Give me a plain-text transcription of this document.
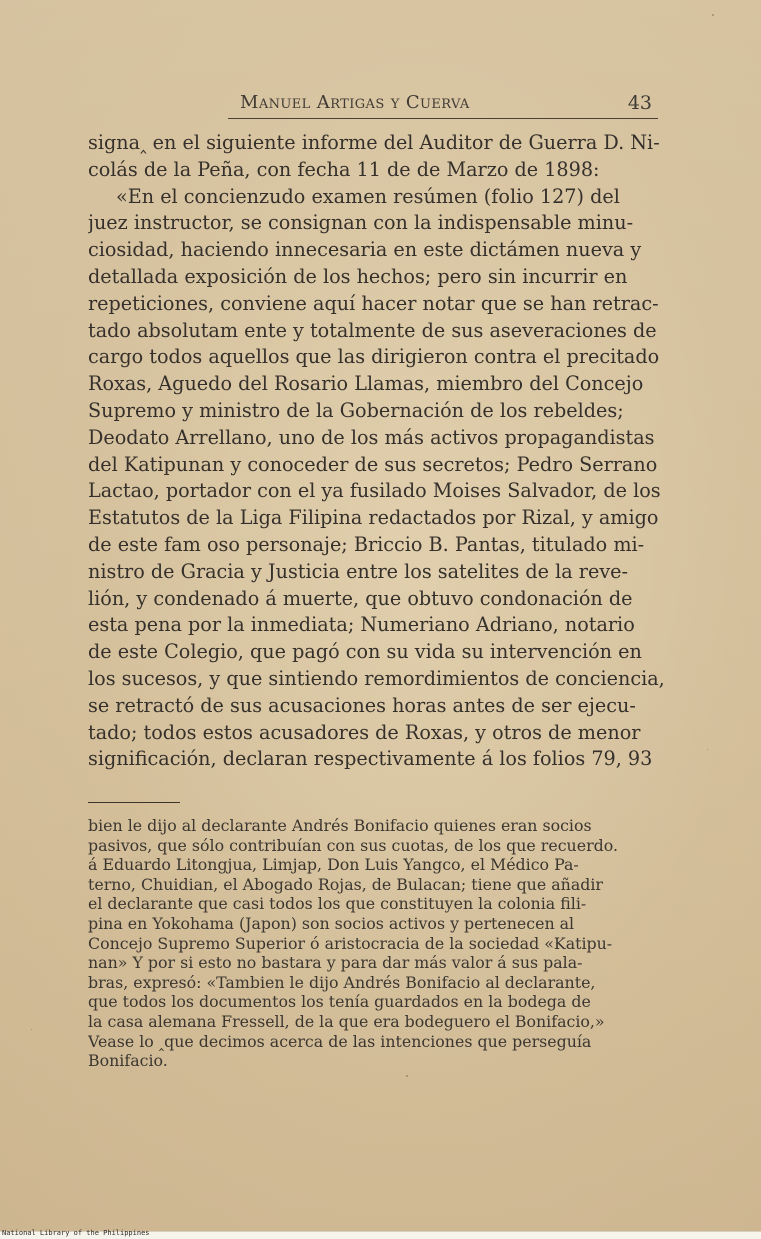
Manuel Artigas y Cuerva	43
signa‸ en el siguiente informe del Auditor de Guerra D. Ni-
colás de la Peña, con fecha 11 de de Marzo de 1898:
«En el concienzudo examen resúmen (folio 127) del
juez instructor, se consignan con la indispensable minu-
ciosidad, haciendo innecesaria en este dictámen nueva y
detallada exposición de los hechos; pero sin incurrir en
repeticiones, conviene aquí hacer notar que se han retrac-
tado absolutam ente y totalmente de sus aseveraciones de
cargo todos aquellos que las dirigieron contra el precitado
Roxas, Aguedo del Rosario Llamas, miembro del Concejo
Supremo y ministro de la Gobernación de los rebeldes;
Deodato Arrellano, uno de los más activos propagandistas
del Katipunan y conoceder de sus secretos; Pedro Serrano
Lactao, portador con el ya fusilado Moises Salvador, de los
Estatutos de la Liga Filipina redactados por Rizal, y amigo
de este fam oso personaje; Briccio B. Pantas, titulado mi-
nistro de Gracia y Justicia entre los satelites de la reve-
lión, y condenado á muerte, que obtuvo condonación de
esta pena por la inmediata; Numeriano Adriano, notario
de este Colegio, que pagó con su vida su intervención en
los sucesos, y que sintiendo remordimientos de conciencia,
se retractó de sus acusaciones horas antes de ser ejecu-
tado; todos estos acusadores de Roxas, y otros de menor
significación, declaran respectivamente á los folios 79, 93
bien le dijo al declarante Andrés Bonifacio quienes eran socios
pasivos, que sólo contribuían con sus cuotas, de los que recuerdo.
á Eduardo Litongjua, Limjap, Don Luis Yangco, el Médico Pa-
terno, Chuidian, el Abogado Rojas, de Bulacan; tiene que añadir
el declarante que casi todos los que constituyen la colonia fili-
pina en Yokohama (Japon) son socios activos y pertenecen al
Concejo Supremo Superior ó aristocracia de la sociedad «Katipu-
nan» Y por si esto no bastara y para dar más valor á sus pala-
bras, expresó: «Tambien le dijo Andrés Bonifacio al declarante,
que todos los documentos los tenía guardados en la bodega de
la casa alemana Fressell, de la que era bodeguero el Bonifacio,»
Vease lo ‸que decimos acerca de las intenciones que perseguía
Bonifacio.
National Library of the Philippines
